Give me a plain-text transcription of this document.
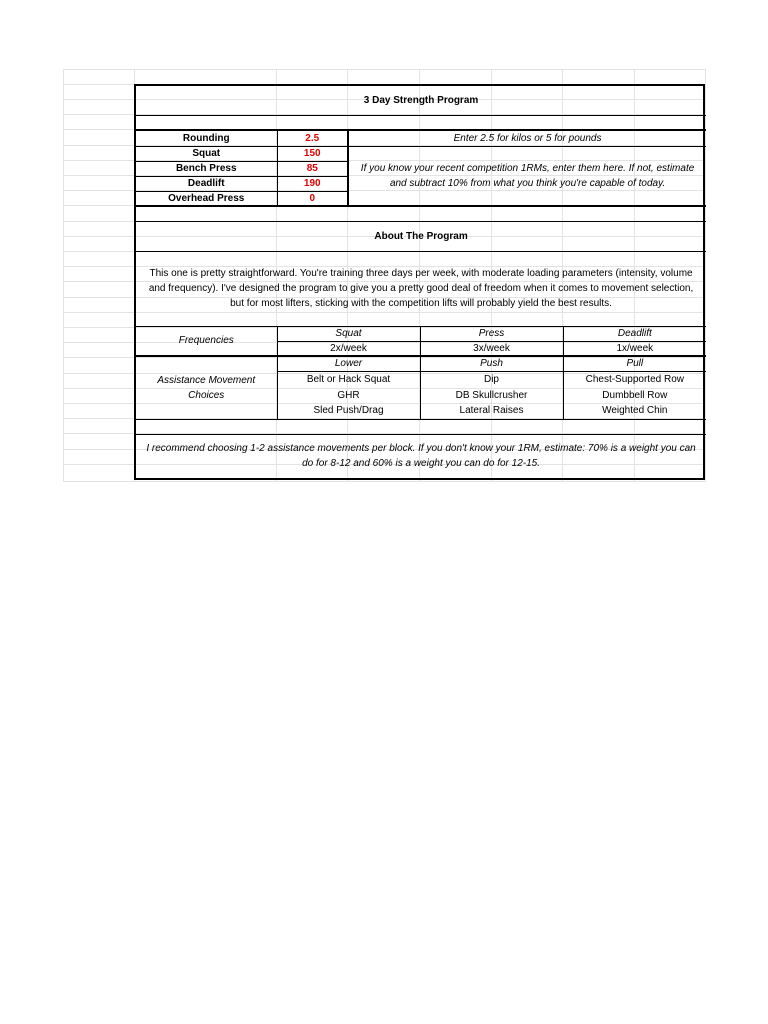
3 Day Strength Program				

Rounding	2.5	Enter 2.5 for kilos or 5 for pounds		
Squat	150	If you know your recent competition 1RMs, enter them here. If not, estimate and subtract 10% from what you think you're capable of today.		
Bench Press	85			
Deadlift	190			
Overhead Press	0			

About The Program				
This one is pretty straightforward. You're training three days per week, with moderate loading parameters (intensity, volume and frequency). I've designed the program to give you a pretty good deal of freedom when it comes to movement selection, but for most lifters, sticking with the competition lifts will probably yield the best results.				
Frequencies	Squat		Press	Deadlift
	2x/week		3x/week	1x/week
Assistance Movement Choices	Lower		Push	Pull
	Belt or Hack Squat		Dip	Chest-Supported Row
	GHR		DB Skullcrusher	Dumbbell Row
	Sled Push/Drag		Lateral Raises	Weighted Chin

I recommend choosing 1-2 assistance movements per block. If you don't know your 1RM, estimate: 70% is a weight you can do for 8-12 and 60% is a weight you can do for 12-15.				
